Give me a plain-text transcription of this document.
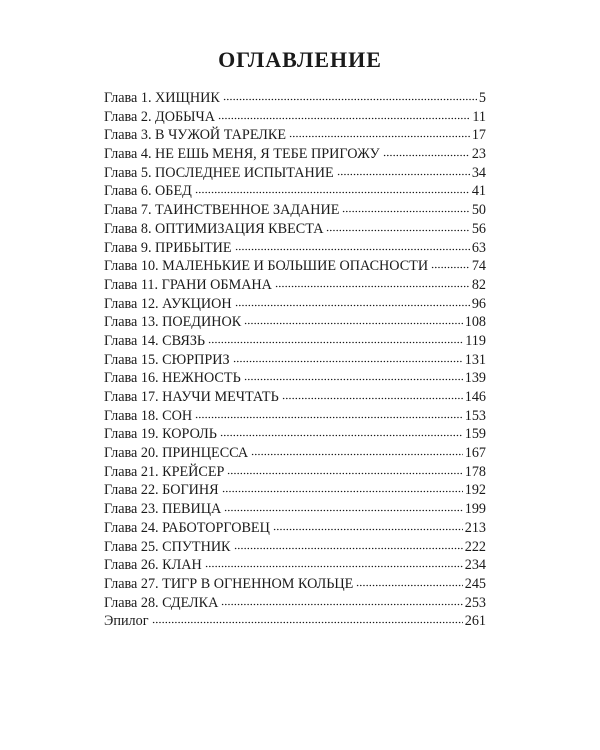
ОГЛАВЛЕНИЕ
Глава 1. ХИЩНИК	5
Глава 2. ДОБЫЧА	11
Глава 3. В ЧУЖОЙ ТАРЕЛКЕ	17
Глава 4. НЕ ЕШЬ МЕНЯ, Я ТЕБЕ ПРИГОЖУ	23
Глава 5. ПОСЛЕДНЕЕ ИСПЫТАНИЕ	34
Глава 6. ОБЕД	41
Глава 7. ТАИНСТВЕННОЕ ЗАДАНИЕ	50
Глава 8. ОПТИМИЗАЦИЯ КВЕСТА	56
Глава 9. ПРИБЫТИЕ	63
Глава 10. МАЛЕНЬКИЕ И БОЛЬШИЕ ОПАСНОСТИ	74
Глава 11. ГРАНИ ОБМАНА	82
Глава 12. АУКЦИОН	96
Глава 13. ПОЕДИНОК	108
Глава 14. СВЯЗЬ	119
Глава 15. СЮРПРИЗ	131
Глава 16. НЕЖНОСТЬ	139
Глава 17. НАУЧИ МЕЧТАТЬ	146
Глава 18. СОН	153
Глава 19. КОРОЛЬ	159
Глава 20. ПРИНЦЕССА	167
Глава 21. КРЕЙСЕР	178
Глава 22. БОГИНЯ	192
Глава 23. ПЕВИЦА	199
Глава 24. РАБОТОРГОВЕЦ	213
Глава 25. СПУТНИК	222
Глава 26. КЛАН	234
Глава 27. ТИГР В ОГНЕННОМ КОЛЬЦЕ	245
Глава 28. СДЕЛКА	253
Эпилог	261
